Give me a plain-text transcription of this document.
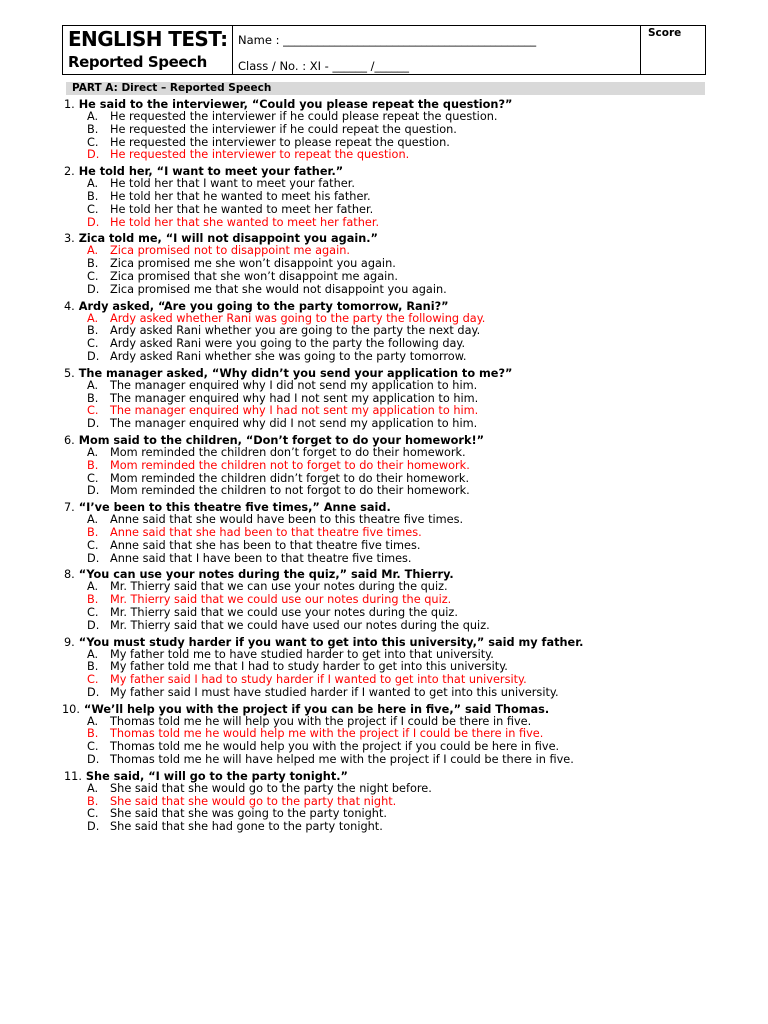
ENGLISH TEST:
Reported Speech
Name : ____________________________________________
Class / No. : XI - ______ /______
Score
PART A: Direct – Reported Speech
1. He said to the interviewer, “Could you please repeat the question?”
A.	He requested the interviewer if he could please repeat the question.
B.	He requested the interviewer if he could repeat the question.
C.	He requested the interviewer to please repeat the question.
D. He requested the interviewer to repeat the question.
2. He told her, “I want to meet your father.”
A.	He told her that I want to meet your father.
B.	He told her that he wanted to meet his father.
C.	He told her that he wanted to meet her father.
D. He told her that she wanted to meet her father.
3. Zica told me, “I will not disappoint you again.”
A.	Zica promised not to disappoint me again.
B.	Zica promised me she won’t disappoint you again.
C.	Zica promised that she won’t disappoint me again.
D. Zica promised me that she would not disappoint you again.
4. Ardy asked, “Are you going to the party tomorrow, Rani?”
A.	Ardy asked whether Rani was going to the party the following day.
B.	Ardy asked Rani whether you are going to the party the next day.
C.	Ardy asked Rani were you going to the party the following day.
D. Ardy asked Rani whether she was going to the party tomorrow.
5. The manager asked, “Why didn’t you send your application to me?”
A.	The manager enquired why I did not send my application to him.
B.	The manager enquired why had I not sent my application to him.
C.	The manager enquired why I had not sent my application to him.
D. The manager enquired why did I not send my application to him.
6. Mom said to the children, “Don’t forget to do your homework!”
A.	Mom reminded the children don’t forget to do their homework.
B.	Mom reminded the children not to forget to do their homework.
C.	Mom reminded the children didn’t forget to do their homework.
D. Mom reminded the children to not forgot to do their homework.
7. “I’ve been to this theatre five times,” Anne said.
A.	Anne said that she would have been to this theatre five times.
B.	Anne said that she had been to that theatre five times.
C.	Anne said that she has been to that theatre five times.
D. Anne said that I have been to that theatre five times.
8. “You can use your notes during the quiz,” said Mr. Thierry.
A.	Mr. Thierry said that we can use your notes during the quiz.
B.	Mr. Thierry said that we could use our notes during the quiz.
C.	Mr. Thierry said that we could use your notes during the quiz.
D. Mr. Thierry said that we could have used our notes during the quiz.
9. “You must study harder if you want to get into this university,” said my father.
A.	My father told me to have studied harder to get into that university.
B.	My father told me that I had to study harder to get into this university.
C.	My father said I had to study harder if I wanted to get into that university.
D. My father said I must have studied harder if I wanted to get into this university.
10. “We’ll help you with the project if you can be here in five,” said Thomas.
A.	Thomas told me he will help you with the project if I could be there in five.
B.	Thomas told me he would help me with the project if I could be there in five.
C.	Thomas told me he would help you with the project if you could be here in five.
D. Thomas told me he will have helped me with the project if I could be there in five.
11. She said, “I will go to the party tonight.”
A.	She said that she would go to the party the night before.
B.	She said that she would go to the party that night.
C.	She said that she was going to the party tonight.
D. She said that she had gone to the party tonight.
